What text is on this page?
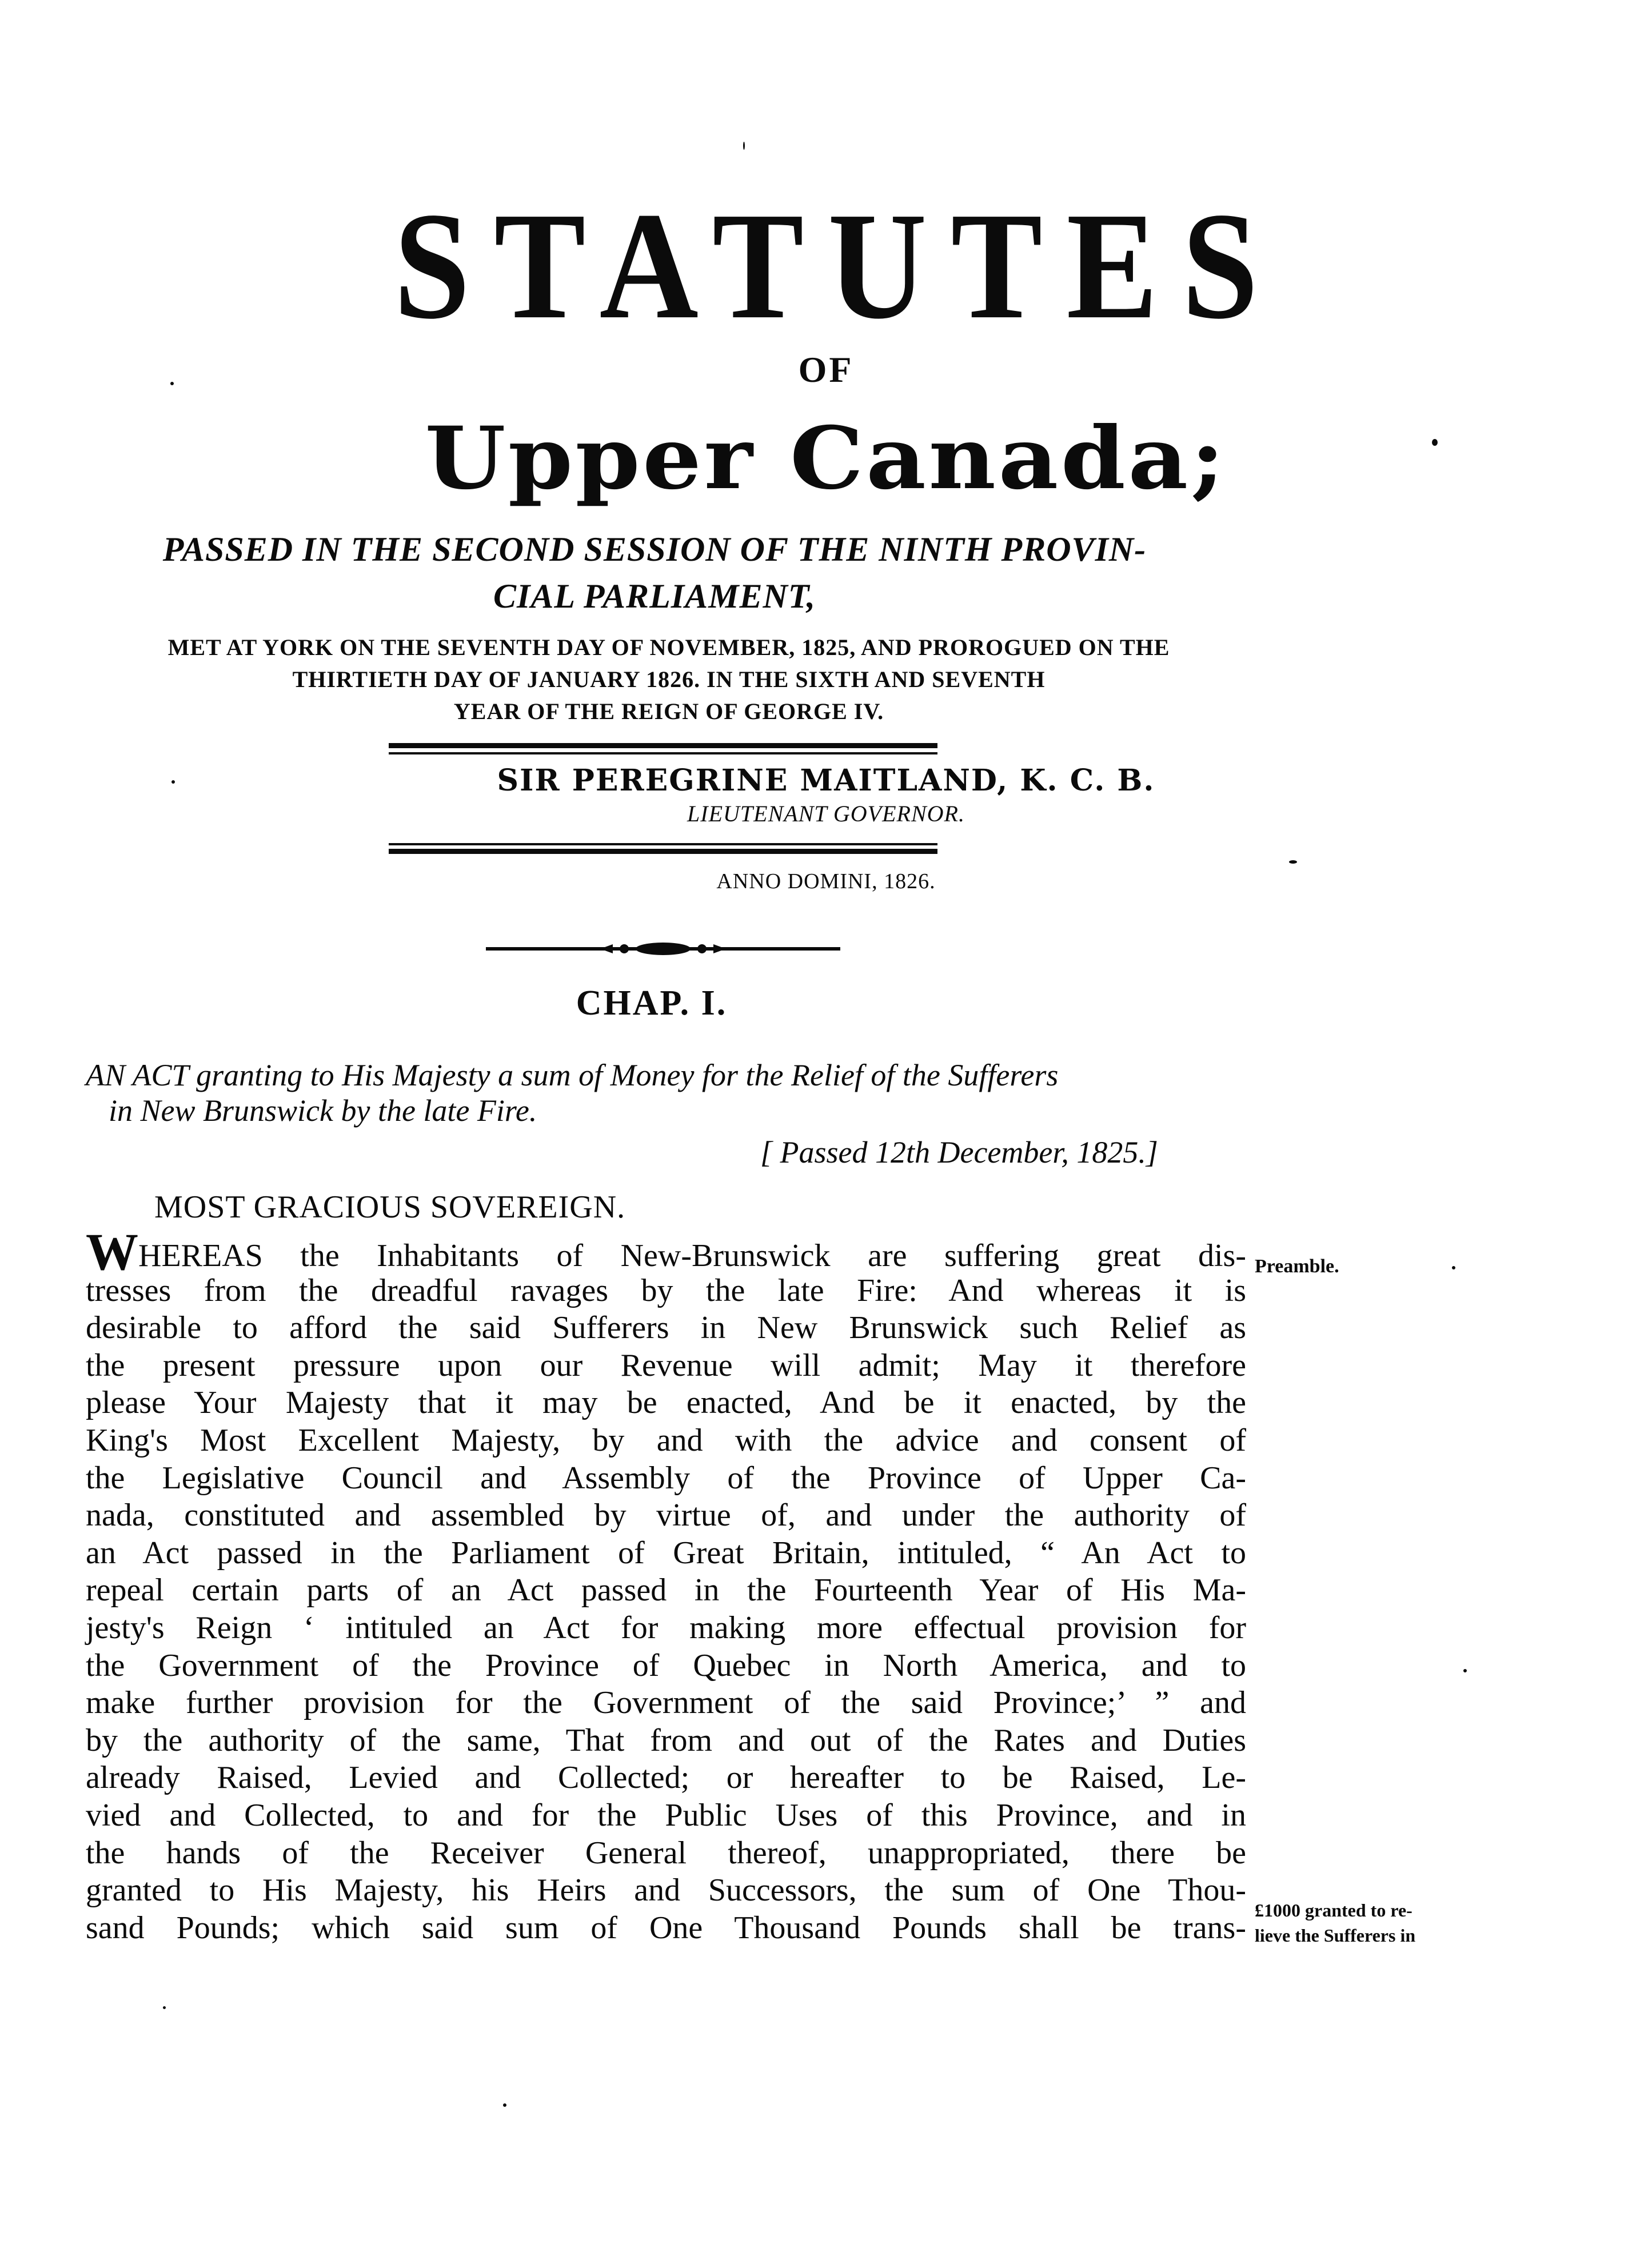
STATUTES
OF
Upper Canada;
PASSED IN THE SECOND SESSION OF THE NINTH PROVIN-
CIAL PARLIAMENT,
MET AT YORK ON THE SEVENTH DAY OF NOVEMBER, 1825, AND PROROGUED ON THE
THIRTIETH DAY OF JANUARY 1826. IN THE SIXTH AND SEVENTH
YEAR OF THE REIGN OF GEORGE IV.
SIR PEREGRINE MAITLAND, K. C. B.
LIEUTENANT GOVERNOR.
ANNO DOMINI, 1826.
CHAP. I.
AN ACT granting to His Majesty a sum of Money for the Relief of the Sufferers
in New Brunswick by the late Fire.
[ Passed 12th December, 1825.]
MOST GRACIOUS SOVEREIGN.
WHEREAS the Inhabitants of New-Brunswick are suffering great dis-
tresses from the dreadful ravages by the late Fire: And whereas it is
desirable to afford the said Sufferers in New Brunswick such Relief as
the present pressure upon our Revenue will admit; May it therefore
please Your Majesty that it may be enacted, And be it enacted, by the
King's Most Excellent Majesty, by and with the advice and consent of
the Legislative Council and Assembly of the Province of Upper Ca-
nada, constituted and assembled by virtue of, and under the authority of
an Act passed in the Parliament of Great Britain, intituled, “ An Act to
repeal certain parts of an Act passed in the Fourteenth Year of His Ma-
jesty's Reign ‘ intituled an Act for making more effectual provision for
the Government of the Province of Quebec in North America, and to
make further provision for the Government of the said Province;’ ” and
by the authority of the same, That from and out of the Rates and Duties
already Raised, Levied and Collected; or hereafter to be Raised, Le-
vied and Collected, to and for the Public Uses of this Province, and in
the hands of the Receiver General thereof, unappropriated, there be
granted to His Majesty, his Heirs and Successors, the sum of One Thou-
sand Pounds; which said sum of One Thousand Pounds shall be trans-
Preamble.
£1000 granted to re-
lieve the Sufferers in
